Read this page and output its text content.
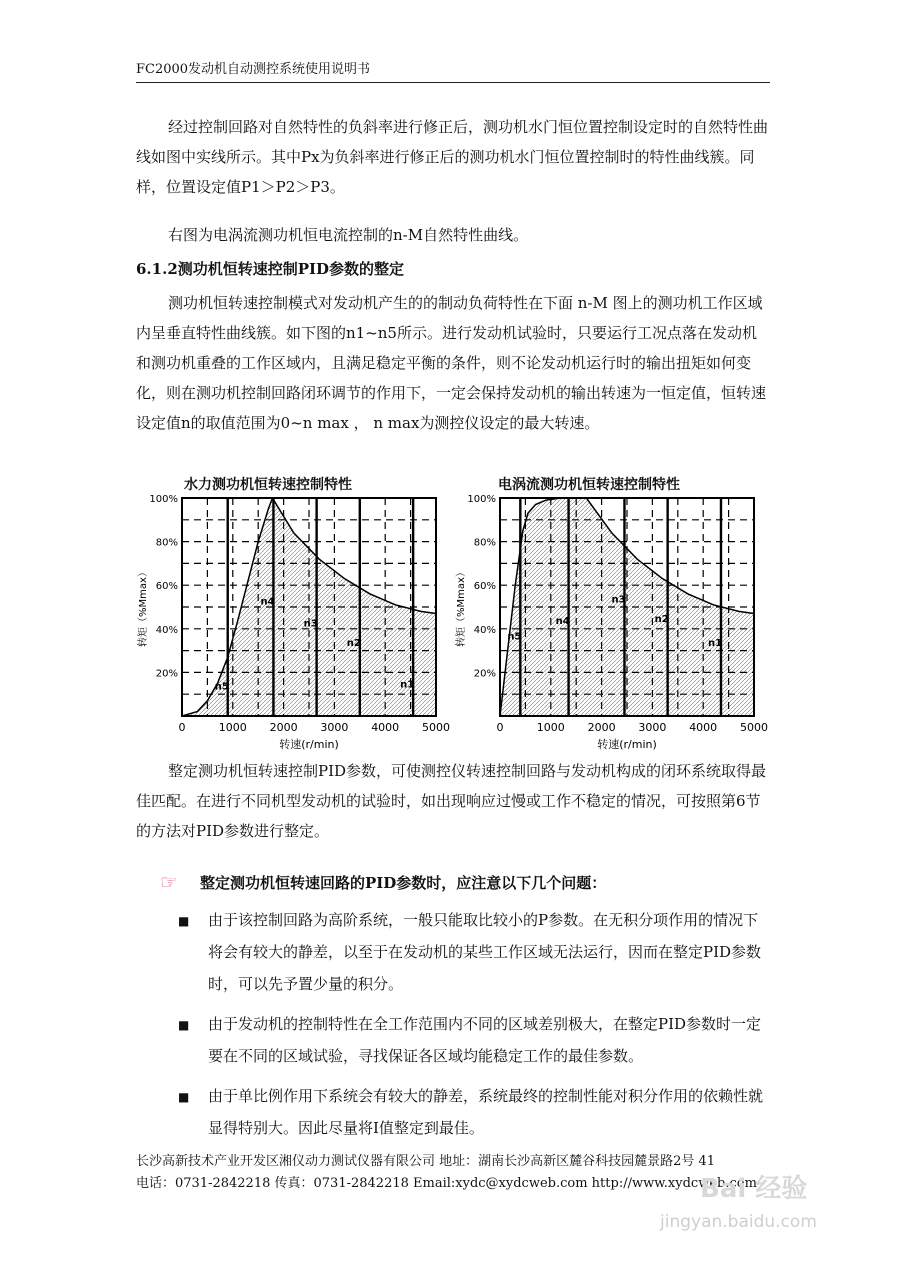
FC2000发动机自动测控系统使用说明书
经过控制回路对自然特性的负斜率进行修正后，测功机水门恒位置控制设定时的自然特性曲线如图中实线所示。其中Px为负斜率进行修正后的测功机水门恒位置控制时的特性曲线簇。同样，位置设定值P1＞P2＞P3。
右图为电涡流测功机恒电流控制的n-M自然特性曲线。
6.1.2测功机恒转速控制PID参数的整定
测功机恒转速控制模式对发动机产生的的制动负荷特性在下面 n-M 图上的测功机工作区域内呈垂直特性曲线簇。如下图的n1~n5所示。进行发动机试验时，只要运行工况点落在发动机和测功机重叠的工作区域内，且满足稳定平衡的条件，则不论发动机运行时的输出扭矩如何变化，则在测功机控制回路闭环调节的作用下，一定会保持发动机的输出转速为一恒定值，恒转速设定值n的取值范围为0~n max ， n max为测控仪设定的最大转速。
水力测功机恒转速控制特性	电涡流测功机恒转速控制特性
n5
n4
n3
n2
n1
0	1000 2000 3000 4000 5000
20%
40%
60%
80%
100%
转速(r/min)
转矩（%Mmax）	n5
n4
n3
n2
n1
0	1000 2000 3000 4000 5000
20%
40%
60%
80%
100%
转速(r/min)
转矩（%Mmax）
整定测功机恒转速控制PID参数，可使测控仪转速控制回路与发动机构成的闭环系统取得最佳匹配。在进行不同机型发动机的试验时，如出现响应过慢或工作不稳定的情况，可按照第6节的方法对PID参数进行整定。
☞ 整定测功机恒转速回路的PID参数时，应注意以下几个问题：
■ 由于该控制回路为高阶系统，一般只能取比较小的P参数。在无积分项作用的情况下将会有较大的静差，以至于在发动机的某些工作区域无法运行，因而在整定PID参数时，可以先予置少量的积分。
■ 由于发动机的控制特性在全工作范围内不同的区域差别极大，在整定PID参数时一定要在不同的区域试验，寻找保证各区域均能稳定工作的最佳参数。
■ 由于单比例作用下系统会有较大的静差，系统最终的控制性能对积分作用的依赖性就显得特别大。因此尽量将I值整定到最佳。
长沙高新技术产业开发区湘仪动力测试仪器有限公司 地址：湖南长沙高新区麓谷科技园麓景路2号 41
电话：0731-2842218 传真：0731-2842218 Email:xydc@xydcweb.com http://www.xydcweb.com
Bai 经验
jingyan.baidu.com
